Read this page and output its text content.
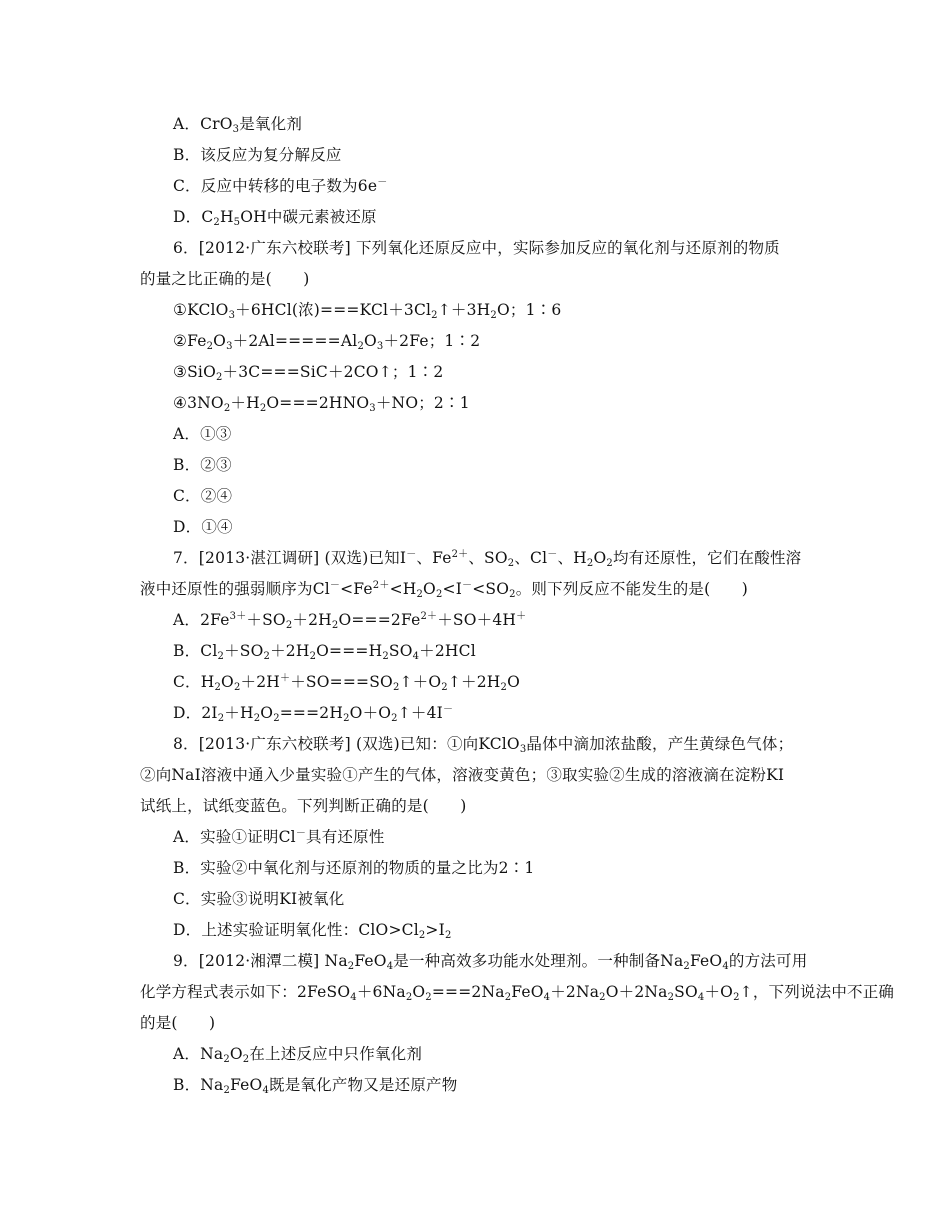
A．CrO$_3$是氧化剂
B．该反应为复分解反应
C．反应中转移的电子数为6e－
D．$C_2H_5OH$中碳元素被还原
6．[2012·广东六校联考] 下列氧化还原反应中，实际参加反应的氧化剂与还原剂的物质
的量之比正确的是(　　)
①KClO$_3$＋6HCl(浓)$===KCl+3Cl_2↑+3H_2O$；1∶6
$②Fe_2O_3+2Al=====Al_2O_3+2Fe$；1∶2
③SiO$_2$＋3C===SiC＋2CO↑；1∶2
$④3NO_2+H_2O===2HNO_3+NO$；2∶1
A．①③
B．②③
C．②④
D．①④
7．[2013·湛江调研] (双选)已知I－、$Fe^{2+}$、$SO_2$、Cl－、$H_2O_2$均有还原性，它们在酸性溶
液中还原性的强弱顺序为$Cl^-<Fe^{2+}<H_2O_2<I^-<SO_2$。则下列反应不能发生的是(　　)
A．$2Fe^{3+}+SO_2+2H_2O===2Fe^{2+}+SO+4H^+$
B．$Cl_2+SO_2+2H_2O===H_2SO_4+2HCl$
C．$H_2O_2+2H^++SO===SO_2↑+O_2↑+2H_2O$
D．$2I_2+H_2O_2===2H_2O+O_2↑+4I^-$
8．[2013·广东六校联考] (双选)已知：①向KClO$_3$晶体中滴加浓盐酸，产生黄绿色气体；
②向NaI溶液中通入少量实验①产生的气体，溶液变黄色；③取实验②生成的溶液滴在淀粉KI
试纸上，试纸变蓝色。下列判断正确的是(　　)
A．实验①证明Cl－具有还原性
B．实验②中氧化剂与还原剂的物质的量之比为2∶1
C．实验③说明KI被氧化
D．上述实验证明氧化性：$ClO>Cl_2>I_2$
9．[2012·湘潭二模] $Na_2FeO_4$是一种高效多功能水处理剂。一种制备$Na_2FeO_4$的方法可用
化学方程式表示如下：$2FeSO_4+6Na_2O_2===2Na_2FeO_4+2Na_2O+2Na_2SO_4+O_2↑$，下列说法中不正确
的是(　　)
A．$Na_2O_2$在上述反应中只作氧化剂
B．$Na_2FeO_4$既是氧化产物又是还原产物
